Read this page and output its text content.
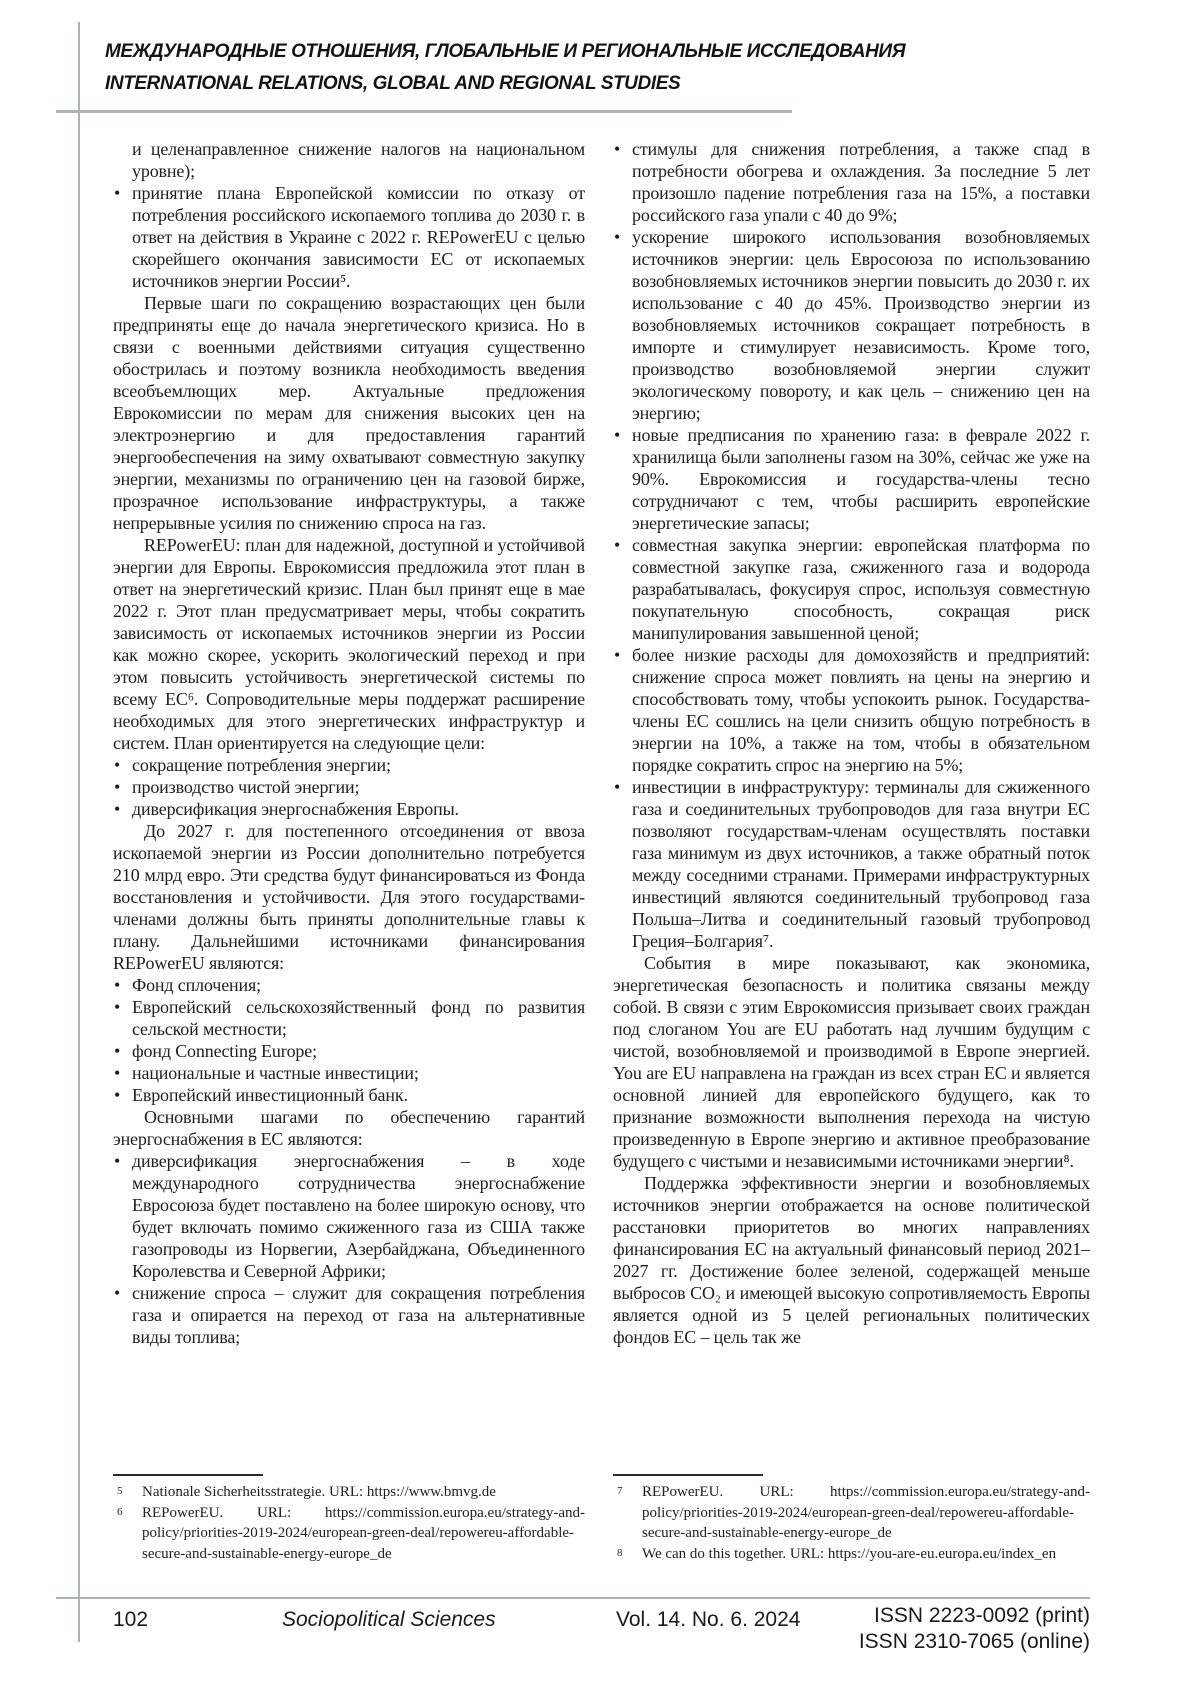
МЕЖДУНАРОДНЫЕ ОТНОШЕНИЯ, ГЛОБАЛЬНЫЕ И РЕГИОНАЛЬНЫЕ ИССЛЕДОВАНИЯ
INTERNATIONAL RELATIONS, GLOBAL AND REGIONAL STUDIES
и целенаправленное снижение налогов на национальном уровне);
• принятие плана Европейской комиссии по отказу от потребления российского ископаемого топлива до 2030 г. в ответ на действия в Украине с 2022 г. REPowerEU с целью скорейшего окончания зависимости ЕС от ископаемых источников энергии России⁵.
Первые шаги по сокращению возрастающих цен были предприняты еще до начала энергетического кризиса. Но в связи с военными действиями ситуация существенно обострилась и поэтому возникла необходимость введения всеобъемлющих мер. Актуальные предложения Еврокомиссии по мерам для снижения высоких цен на электроэнергию и для предоставления гарантий энергообеспечения на зиму охватывают совместную закупку энергии, механизмы по ограничению цен на газовой бирже, прозрачное использование инфраструктуры, а также непрерывные усилия по снижению спроса на газ.
REPowerEU: план для надежной, доступной и устойчивой энергии для Европы. Еврокомиссия предложила этот план в ответ на энергетический кризис. План был принят еще в мае 2022 г. Этот план предусматривает меры, чтобы сократить зависимость от ископаемых источников энергии из России как можно скорее, ускорить экологический переход и при этом повысить устойчивость энергетической системы по всему ЕС⁶. Сопроводительные меры поддержат расширение необходимых для этого энергетических инфраструктур и систем. План ориентируется на следующие цели:
• сокращение потребления энергии;
• производство чистой энергии;
• диверсификация энергоснабжения Европы.
До 2027 г. для постепенного отсоединения от ввоза ископаемой энергии из России дополнительно потребуется 210 млрд евро. Эти средства будут финансироваться из Фонда восстановления и устойчивости. Для этого государствами-членами должны быть приняты дополнительные главы к плану. Дальнейшими источниками финансирования REPowerEU являются:
• Фонд сплочения;
• Европейский сельскохозяйственный фонд по развития сельской местности;
• фонд Connecting Europe;
• национальные и частные инвестиции;
• Европейский инвестиционный банк.
Основными шагами по обеспечению гарантий энергоснабжения в ЕС являются:
• диверсификация энергоснабжения – в ходе международного сотрудничества энергоснабжение Евросоюза будет поставлено на более широкую основу, что будет включать помимо сжиженного газа из США также газопроводы из Норвегии, Азербайджана, Объединенного Королевства и Северной Африки;
• снижение спроса – служит для сокращения потребления газа и опирается на переход от газа на альтернативные виды топлива;
• стимулы для снижения потребления, а также спад в потребности обогрева и охлаждения. За последние 5 лет произошло падение потребления газа на 15%, а поставки российского газа упали с 40 до 9%;
• ускорение широкого использования возобновляемых источников энергии: цель Евросоюза по использованию возобновляемых источников энергии повысить до 2030 г. их использование с 40 до 45%. Производство энергии из возобновляемых источников сокращает потребность в импорте и стимулирует независимость. Кроме того, производство возобновляемой энергии служит экологическому повороту, и как цель – снижению цен на энергию;
• новые предписания по хранению газа: в феврале 2022 г. хранилища были заполнены газом на 30%, сейчас же уже на 90%. Еврокомиссия и государства-члены тесно сотрудничают с тем, чтобы расширить европейские энергетические запасы;
• совместная закупка энергии: европейская платформа по совместной закупке газа, сжиженного газа и водорода разрабатывалась, фокусируя спрос, используя совместную покупательную способность, сокращая риск манипулирования завышенной ценой;
• более низкие расходы для домохозяйств и предприятий: снижение спроса может повлиять на цены на энергию и способствовать тому, чтобы успокоить рынок. Государства-члены ЕС сошлись на цели снизить общую потребность в энергии на 10%, а также на том, чтобы в обязательном порядке сократить спрос на энергию на 5%;
• инвестиции в инфраструктуру: терминалы для сжиженного газа и соединительных трубопроводов для газа внутри ЕС позволяют государствам-членам осуществлять поставки газа минимум из двух источников, а также обратный поток между соседними странами. Примерами инфраструктурных инвестиций являются соединительный трубопровод газа Польша–Литва и соединительный газовый трубопровод Греция–Болгария⁷.
События в мире показывают, как экономика, энергетическая безопасность и политика связаны между собой. В связи с этим Еврокомиссия призывает своих граждан под слоганом You are EU работать над лучшим будущим с чистой, возобновляемой и производимой в Европе энергией. You are EU направлена на граждан из всех стран ЕС и является основной линией для европейского будущего, как то признание возможности выполнения перехода на чистую произведенную в Европе энергию и активное преобразование будущего с чистыми и независимыми источниками энергии⁸.
Поддержка эффективности энергии и возобновляемых источников энергии отображается на основе политической расстановки приоритетов во многих направлениях финансирования ЕС на актуальный финансовый период 2021–2027 гг. Достижение более зеленой, содержащей меньше выбросов CO₂ и имеющей высокую сопротивляемость Европы является одной из 5 целей региональных политических фондов ЕС – цель так же
5 Nationale Sicherheitsstrategie. URL: https://www.bmvg.de
6 REPowerEU. URL: https://commission.europa.eu/strategy-and-policy/priorities-2019-2024/european-green-deal/repowereu-affordable-secure-and-sustainable-energy-europe_de
7 REPowerEU. URL: https://commission.europa.eu/strategy-and-policy/priorities-2019-2024/european-green-deal/repowereu-affordable-secure-and-sustainable-energy-europe_de
8 We can do this together. URL: https://you-are-eu.europa.eu/index_en
102	Sociopolitical Sciences	Vol. 14. No. 6. 2024	ISSN 2223-0092 (print)
ISSN 2310-7065 (online)
